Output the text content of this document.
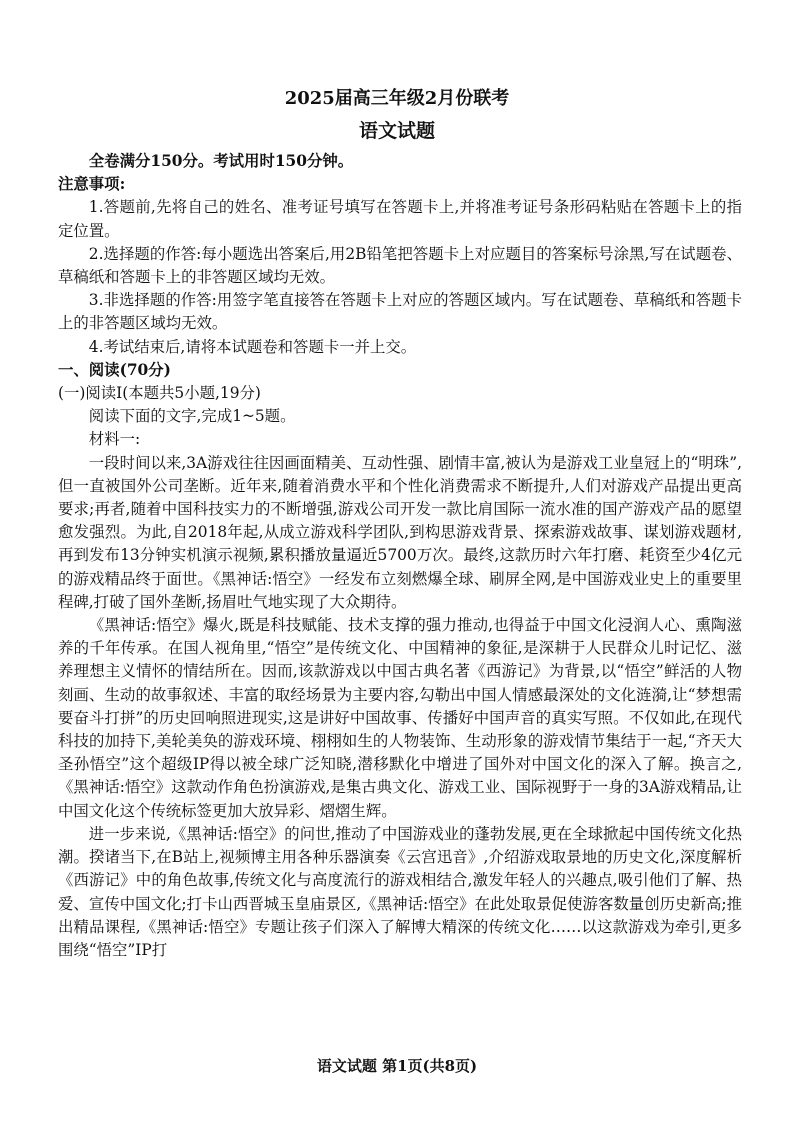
2025届高三年级2月份联考
语文试题

全卷满分150分。考试用时150分钟。

注意事项:

1.答题前,先将自己的姓名、准考证号填写在答题卡上,并将准考证号条形码粘贴在答题卡上的指定位置。

2.选择题的作答:每小题选出答案后,用2B铅笔把答题卡上对应题目的答案标号涂黑,写在试题卷、草稿纸和答题卡上的非答题区域均无效。

3.非选择题的作答:用签字笔直接答在答题卡上对应的答题区域内。写在试题卷、草稿纸和答题卡上的非答题区域均无效。

4.考试结束后,请将本试题卷和答题卡一并上交。

一、阅读(70分)

(一)阅读Ⅰ(本题共5小题,19分)

阅读下面的文字,完成1~5题。

材料一:

一段时间以来,3A游戏往往因画面精美、互动性强、剧情丰富,被认为是游戏工业皇冠上的“明珠”,但一直被国外公司垄断。近年来,随着消费水平和个性化消费需求不断提升,人们对游戏产品提出更高要求;再者,随着中国科技实力的不断增强,游戏公司开发一款比肩国际一流水准的国产游戏产品的愿望愈发强烈。为此,自2018年起,从成立游戏科学团队,到构思游戏背景、探索游戏故事、谋划游戏题材,再到发布13分钟实机演示视频,累积播放量逼近5700万次。最终,这款历时六年打磨、耗资至少4亿元的游戏精品终于面世。《黑神话:悟空》一经发布立刻燃爆全球、刷屏全网,是中国游戏业史上的重要里程碑,打破了国外垄断,扬眉吐气地实现了大众期待。

《黑神话:悟空》爆火,既是科技赋能、技术支撑的强力推动,也得益于中国文化浸润人心、熏陶滋养的千年传承。在国人视角里,“悟空”是传统文化、中国精神的象征,是深耕于人民群众儿时记忆、滋养理想主义情怀的情结所在。因而,该款游戏以中国古典名著《西游记》为背景,以“悟空”鲜活的人物刻画、生动的故事叙述、丰富的取经场景为主要内容,勾勒出中国人情感最深处的文化涟漪,让“梦想需要奋斗打拼”的历史回响照进现实,这是讲好中国故事、传播好中国声音的真实写照。不仅如此,在现代科技的加持下,美轮美奂的游戏环境、栩栩如生的人物装饰、生动形象的游戏情节集结于一起,“齐天大圣孙悟空”这个超级IP得以被全球广泛知晓,潜移默化中增进了国外对中国文化的深入了解。换言之,《黑神话:悟空》这款动作角色扮演游戏,是集古典文化、游戏工业、国际视野于一身的3A游戏精品,让中国文化这个传统标签更加大放异彩、熠熠生辉。

进一步来说,《黑神话:悟空》的问世,推动了中国游戏业的蓬勃发展,更在全球掀起中国传统文化热潮。揆诸当下,在B站上,视频博主用各种乐器演奏《云宫迅音》,介绍游戏取景地的历史文化,深度解析《西游记》中的角色故事,传统文化与高度流行的游戏相结合,激发年轻人的兴趣点,吸引他们了解、热爱、宣传中国文化;打卡山西晋城玉皇庙景区,《黑神话:悟空》在此处取景促使游客数量创历史新高;推出精品课程,《黑神话:悟空》专题让孩子们深入了解博大精深的传统文化……以这款游戏为牵引,更多围绕“悟空”IP打

语文试题 第1页(共8页)
